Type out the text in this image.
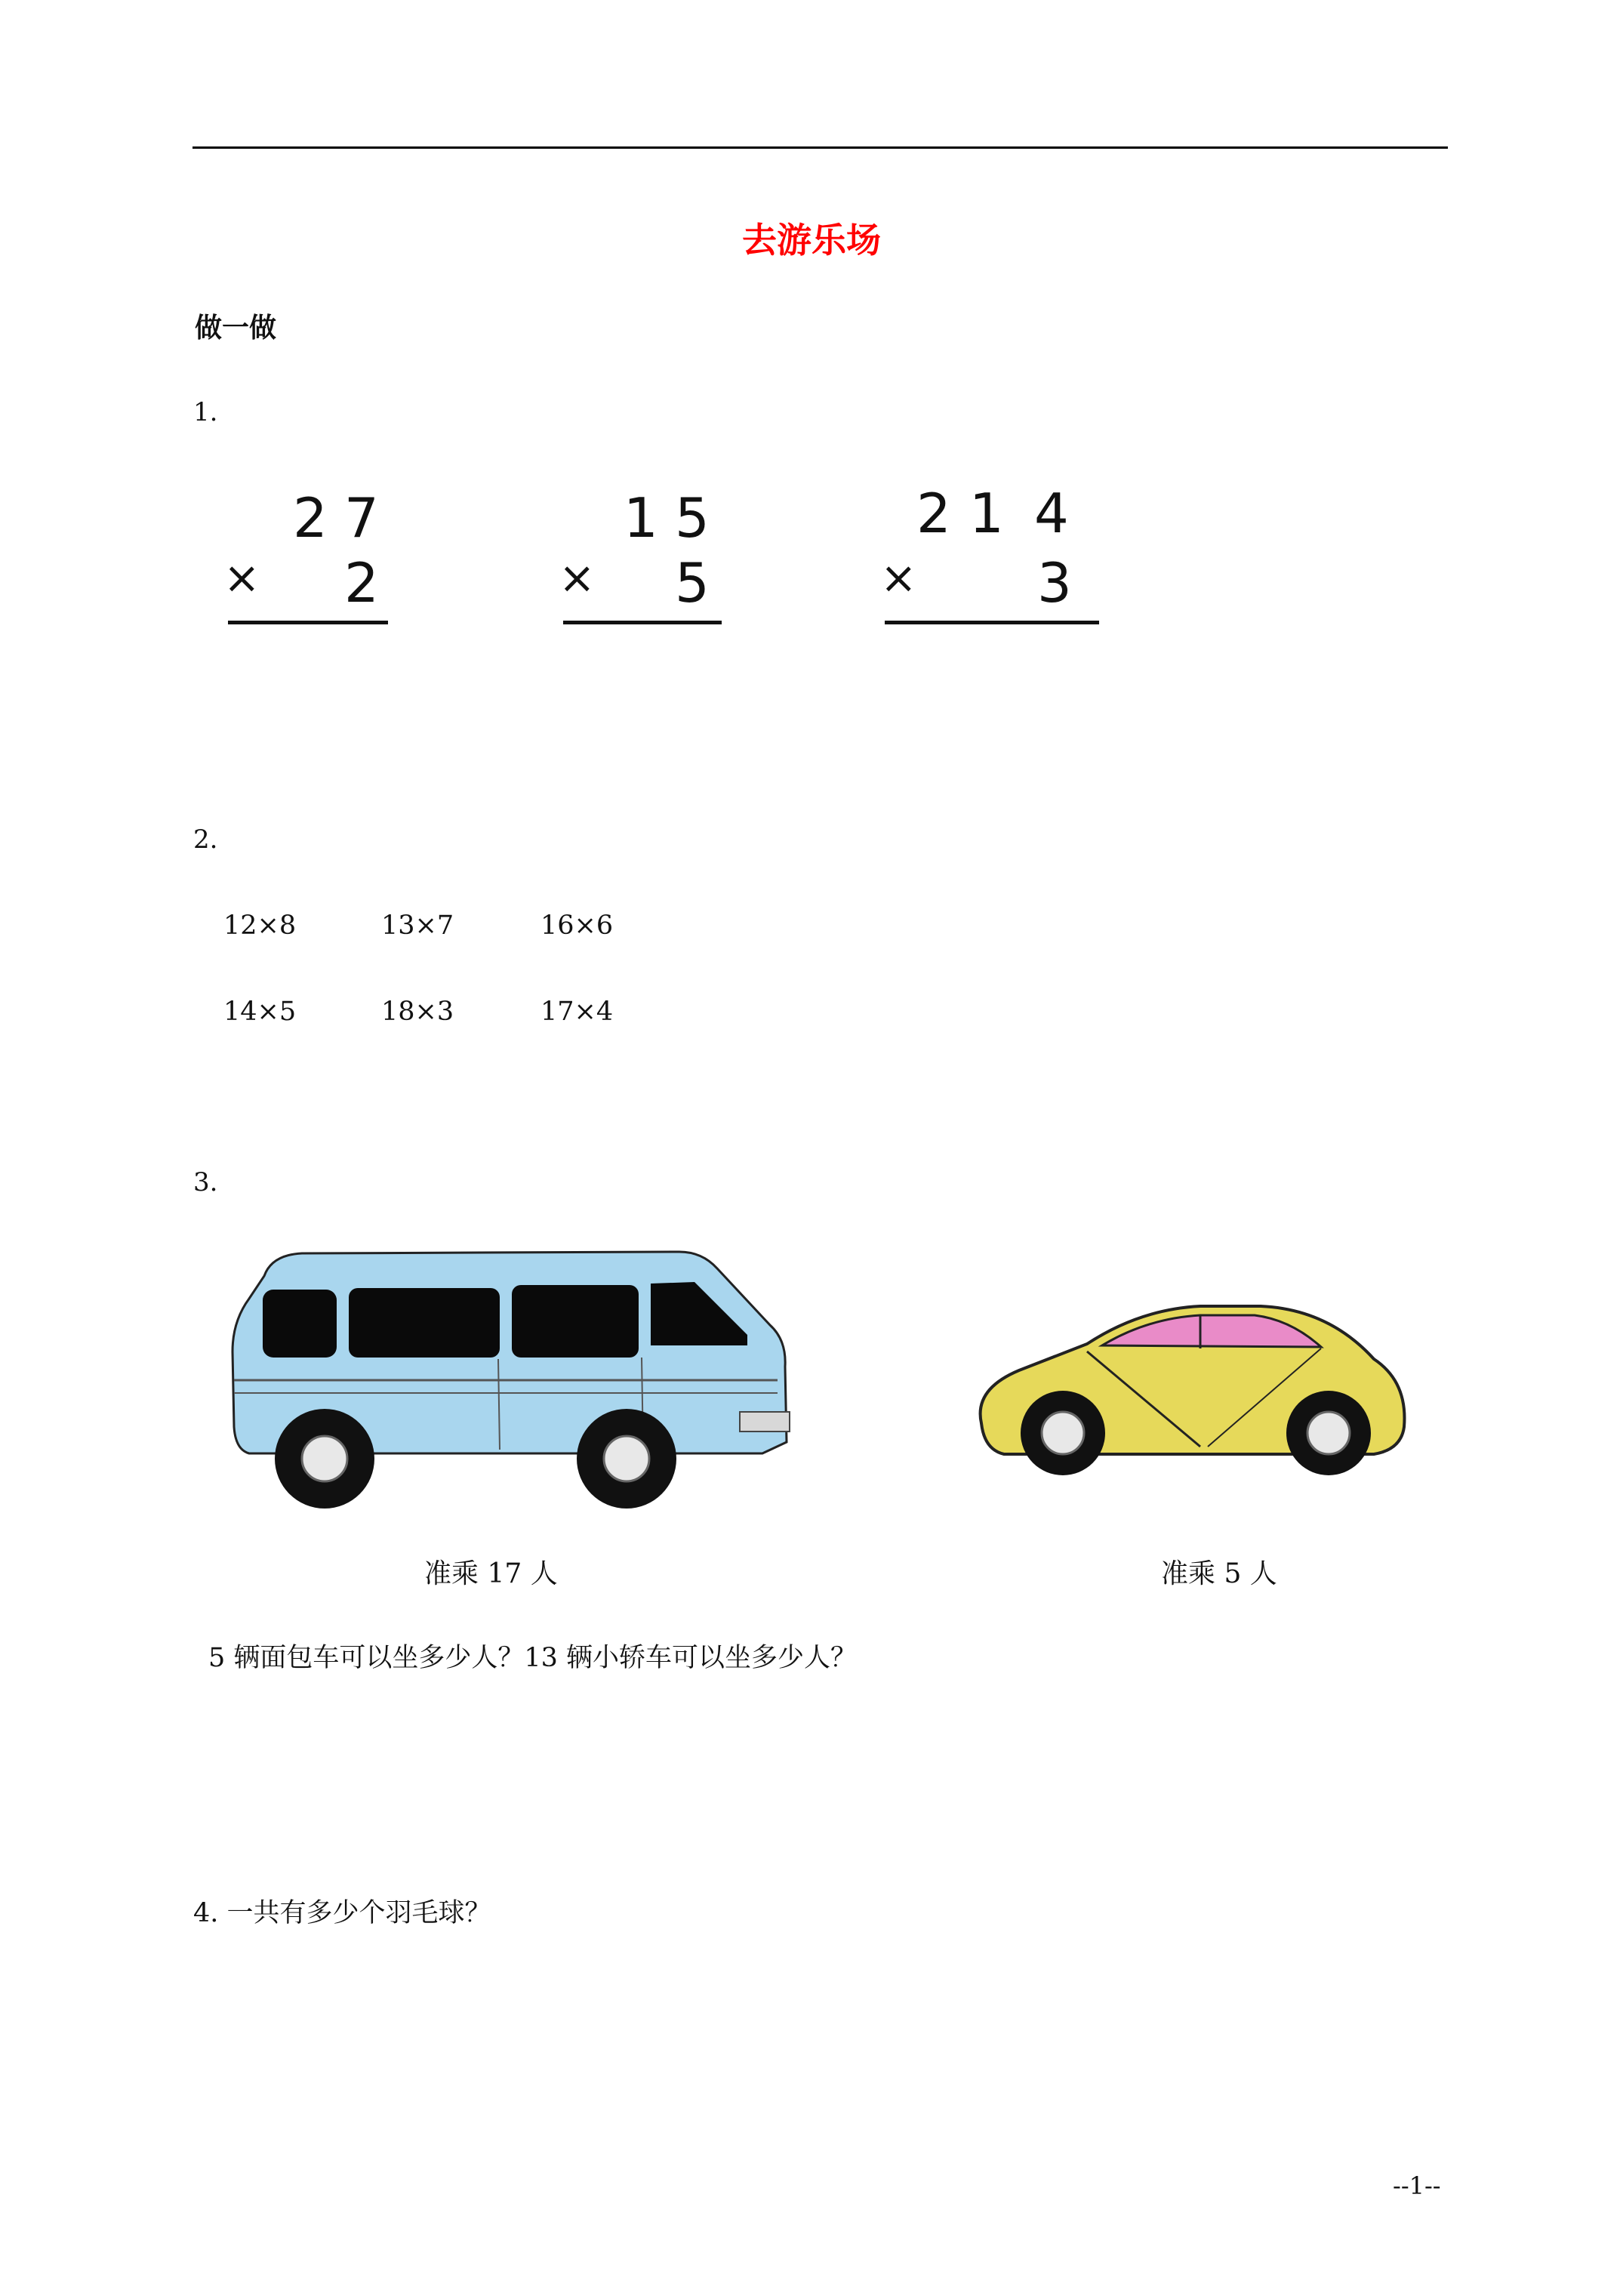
去游乐场
做一做
1.
2 7
× 2
1 5
× 5
2 1 4
× 3
2.
12×8	13×7	16×6
14×5	18×3	17×4
3.
准乘 17 人	准乘 5 人
5 辆面包车可以坐多少人？13 辆小轿车可以坐多少人？
4. 一共有多少个羽毛球？
--1--
